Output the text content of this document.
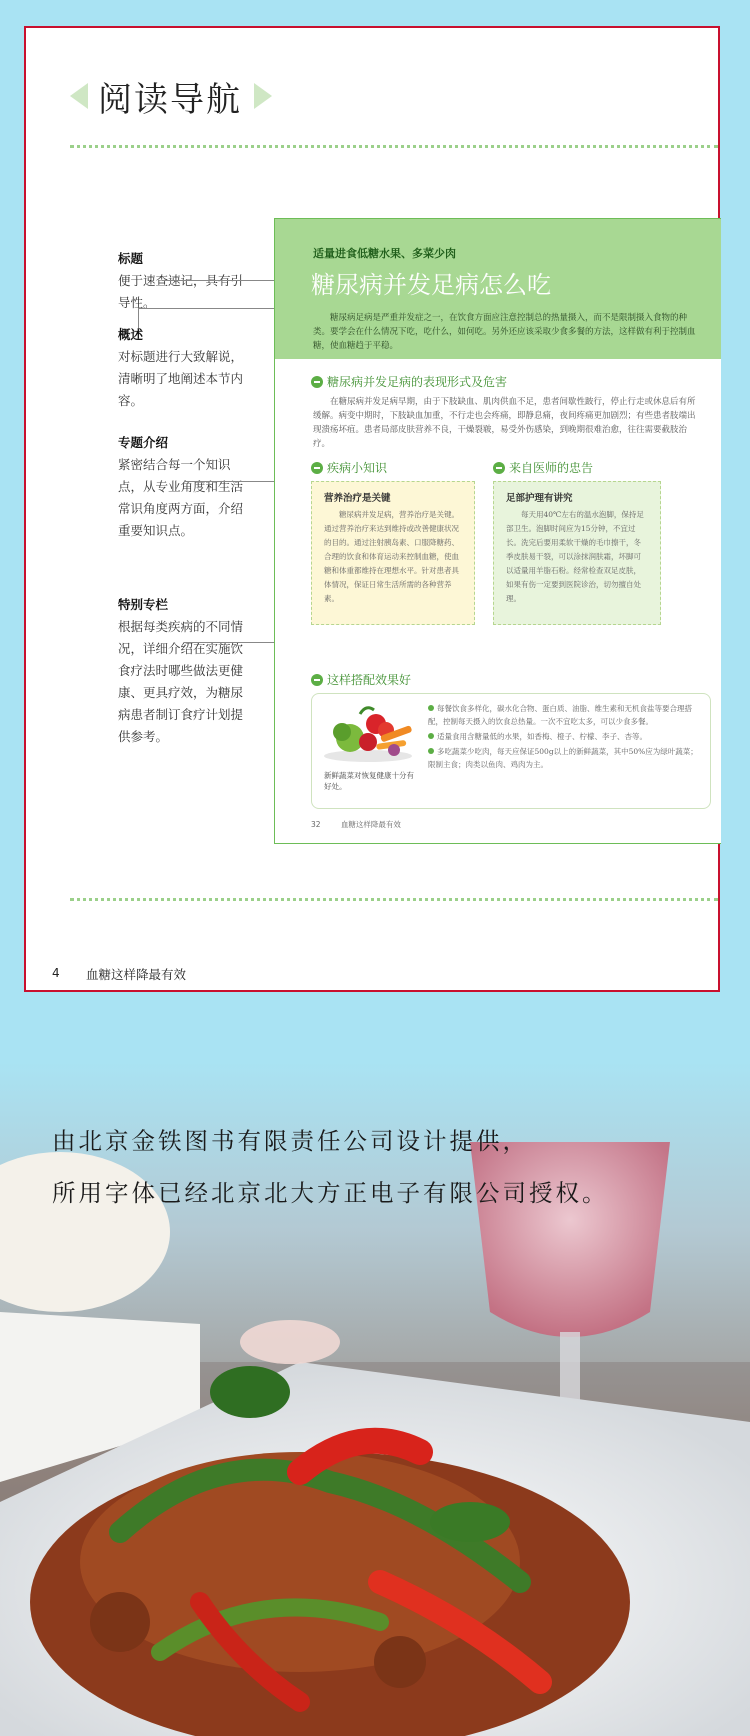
阅读导航
标题
便于速查速记，具有引导性。
概述
对标题进行大致解说，清晰明了地阐述本节内容。
专题介绍
紧密结合每一个知识点，从专业角度和生活常识角度两方面，介绍重要知识点。
特别专栏
根据每类疾病的不同情况，详细介绍在实施饮食疗法时哪些做法更健康、更具疗效，为糖尿病患者制订食疗计划提供参考。
适量进食低糖水果、多菜少肉
糖尿病并发足病怎么吃
糖尿病足病是严重并发症之一，在饮食方面应注意控制总的热量摄入，而不是限制摄入食物的种类。要学会在什么情况下吃，吃什么，如何吃。另外还应该采取少食多餐的方法，这样做有利于控制血糖，使血糖趋于平稳。
糖尿病并发足病的表现形式及危害
在糖尿病并发足病早期，由于下肢缺血、肌肉供血不足，患者间歇性跛行，停止行走或休息后有所缓解。病变中期时，下肢缺血加重，不行走也会疼痛，即静息痛，夜间疼痛更加剧烈；有些患者肢端出现溃疡坏疽。患者局部皮肤营养不良，干燥裂皲，易受外伤感染，到晚期很难治愈，往往需要截肢治疗。
疾病小知识	来自医师的忠告
营养治疗是关键
糖尿病并发足病，营养治疗是关键。通过营养治疗来达到维持或改善健康状况的目的。通过注射胰岛素、口服降糖药、合理的饮食和体育运动来控制血糖，使血糖和体重都维持在理想水平。针对患者具体情况，保证日常生活所需的各种营养素。
足部护理有讲究
每天用40℃左右的温水泡脚，保持足部卫生。泡脚时间应为15分钟，不宜过长。洗完后要用柔软干燥的毛巾擦干，冬季皮肤易干裂，可以涂抹润肤霜，坏脚可以适量用羊脂石粉。经常检查双足皮肤，如果有伤一定要到医院诊治，切勿擅自处理。
这样搭配效果好
新鲜蔬菜对恢复健康十分有好处。

每餐饮食多样化，碳水化合物、蛋白质、油脂、维生素和无机食盐等要合理搭配，控制每天摄入的饮食总热量。一次不宜吃太多，可以少食多餐。

适量食用含糖量低的水果，如香梅、橙子、柠檬、李子、杏等。

多吃蔬菜少吃肉，每天应保证500g以上的新鲜蔬菜，其中50%应为绿叶蔬菜；限制主食；肉类以鱼肉、鸡肉为主。

32	血糖这样降最有效
4 血糖这样降最有效
由北京金铁图书有限责任公司设计提供，
所用字体已经北京北大方正电子有限公司授权。
